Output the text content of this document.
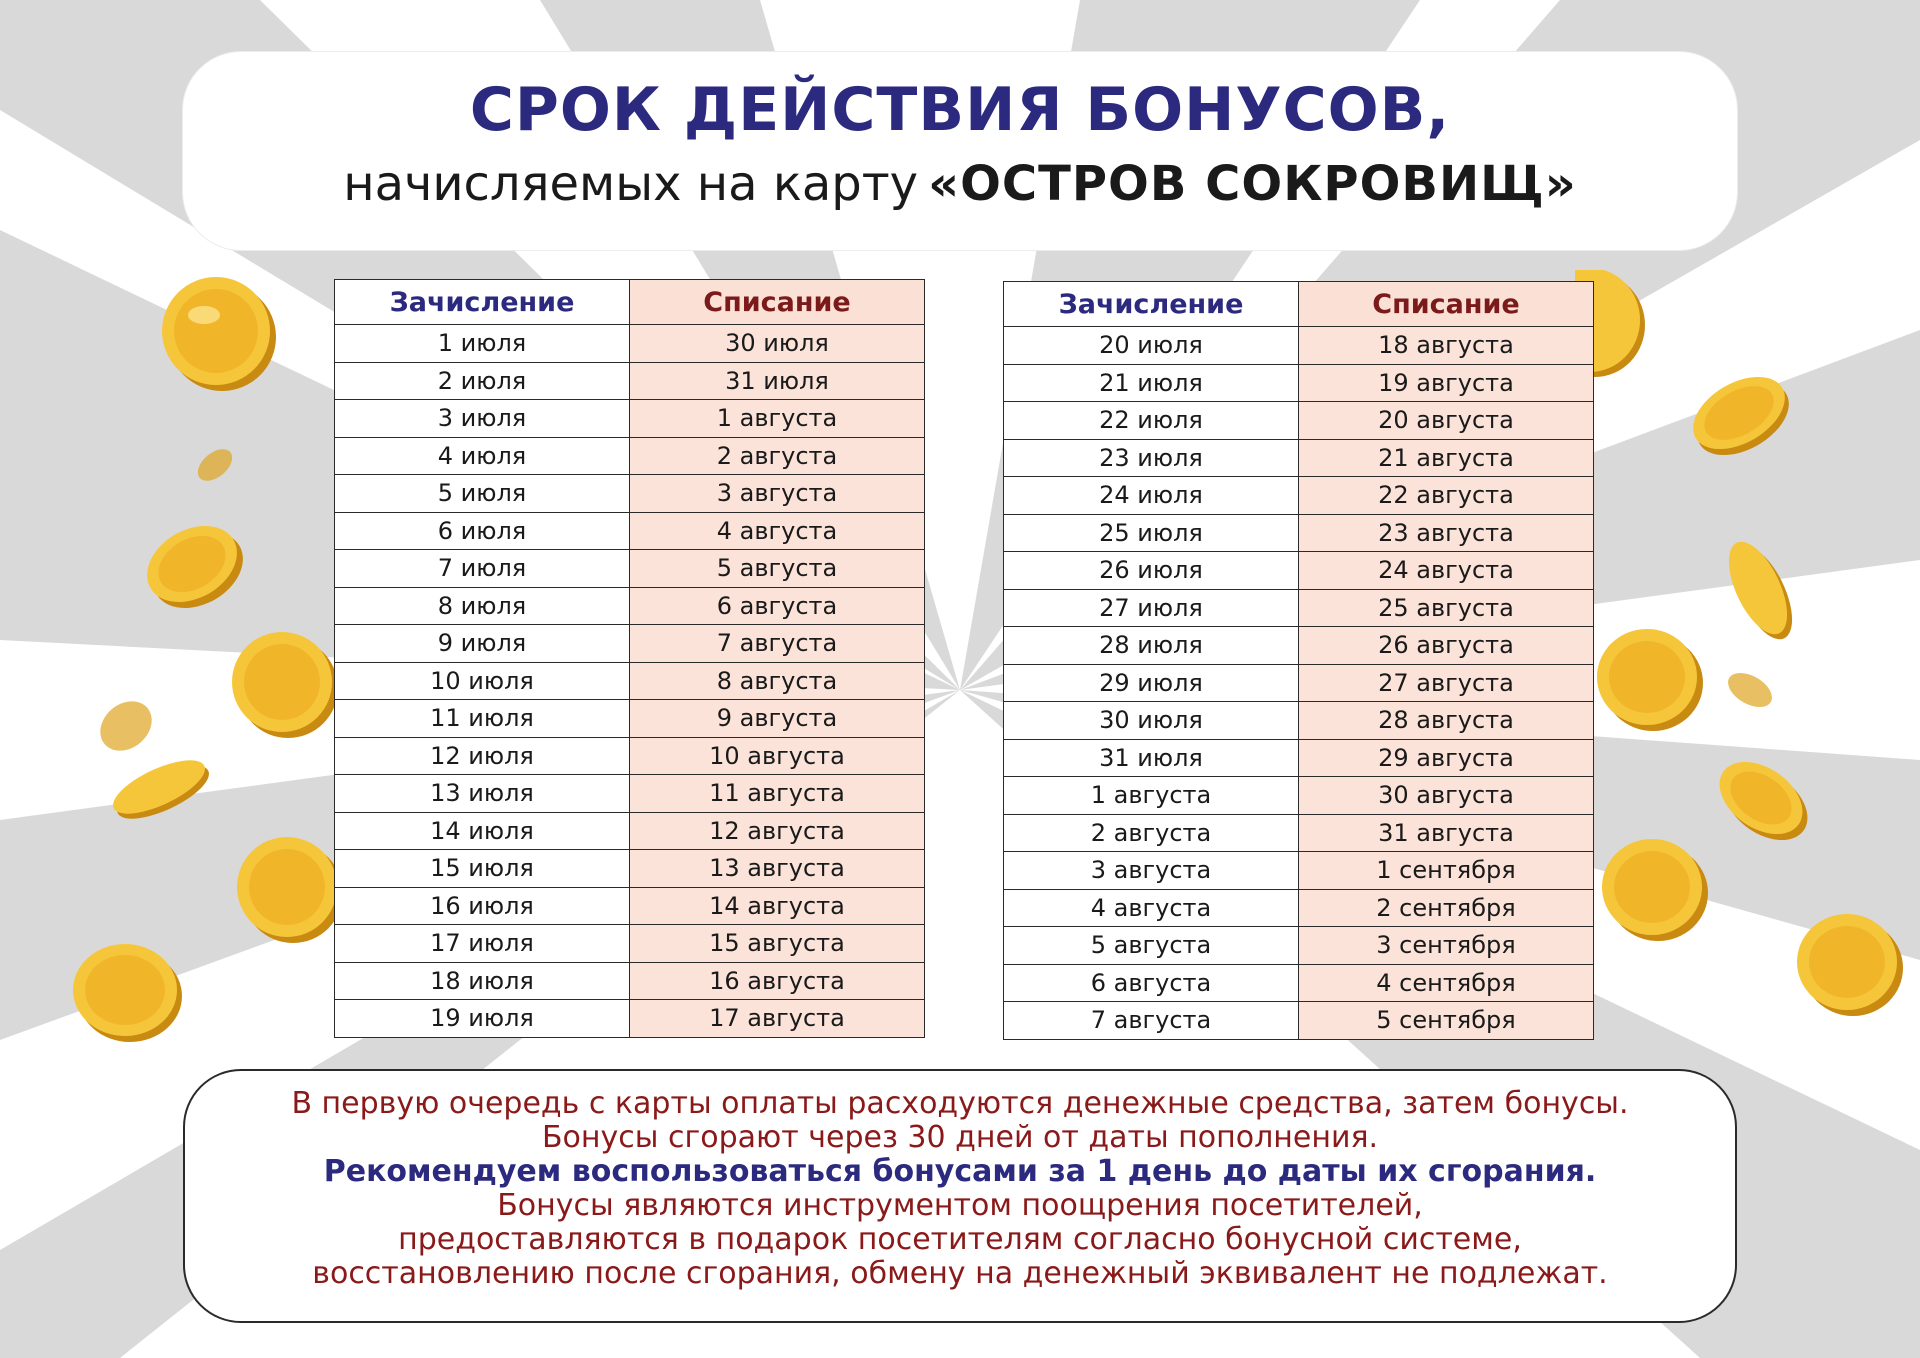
СРОК ДЕЙСТВИЯ БОНУСОВ,
начисляемых на карту «ОСТРОВ СОКРОВИЩ»
Зачисление	Списание
1 июля	30 июля
2 июля	31 июля
3 июля	1 августа
4 июля	2 августа
5 июля	3 августа
6 июля	4 августа
7 июля	5 августа
8 июля	6 августа
9 июля	7 августа
10 июля	8 августа
11 июля	9 августа
12 июля	10 августа
13 июля	11 августа
14 июля	12 августа
15 июля	13 августа
16 июля	14 августа
17 июля	15 августа
18 июля	16 августа
19 июля	17 августа
Зачисление	Списание
20 июля	18 августа
21 июля	19 августа
22 июля	20 августа
23 июля	21 августа
24 июля	22 августа
25 июля	23 августа
26 июля	24 августа
27 июля	25 августа
28 июля	26 августа
29 июля	27 августа
30 июля	28 августа
31 июля	29 августа
1 августа	30 августа
2 августа	31 августа
3 августа	1 сентября
4 августа	2 сентября
5 августа	3 сентября
6 августа	4 сентября
7 августа	5 сентября
В первую очередь с карты оплаты расходуются денежные средства, затем бонусы.
Бонусы сгорают через 30 дней от даты пополнения.
Рекомендуем воспользоваться бонусами за 1 день до даты их сгорания.
Бонусы являются инструментом поощрения посетителей,
предоставляются в подарок посетителям согласно бонусной системе,
восстановлению после сгорания, обмену на денежный эквивалент не подлежат.
